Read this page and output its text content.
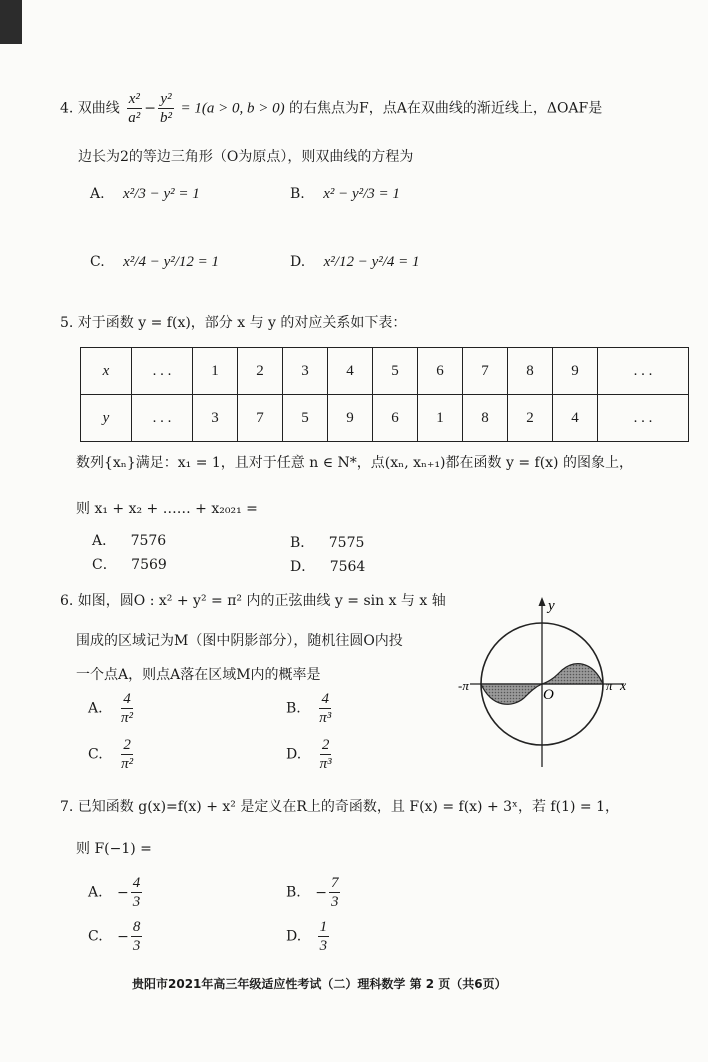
4. 双曲线 $\frac{\text{x²}}{\text{a²}} - \frac{\text{y²}}{\text{b²}} = 1(a > 0$, b > 0) 的右焦点为F，点A在双曲线的渐近线上，ΔOAF是
边长为2的等边三角形（O为原点），则双曲线的方程为
A. x²/3 − y² = 1	B. x² − y²/3 = 1
C. x²/4 − y²/12 = 1	D. x²/12 − y²/4 = 1
5. 对于函数 y = f(x)，部分 x 与 y 的对应关系如下表：
x	. . .	1	2	3	4	5	6	7	8	9	. . .
y	. . .	3	7	5	9	6	1	8	2	4	. . .
数列{xₙ}满足：x₁ = 1，且对于任意 n ∈ N*，点(xₙ, xₙ₊₁)都在函数 y = f(x) 的图象上，
则 x₁ + x₂ + …… + x₂₀₂₁ =
A． 7576	B． 7575
C． 7569	D． 7564
6. 如图，圆O : x² + y² = π² 内的正弦曲线 y = sin x 与 x 轴
围成的区域记为M（图中阴影部分），随机往圆O内投
一个点A，则点A落在区域M内的概率是
A. $\frac{4}{\text{π²}}$	B. $\frac{4}{\text{π³}}$
C. $\frac{2}{\text{π²}}$	D. $\frac{2}{\text{π³}}$
y
x
O
-π	π
7. 已知函数 g(x)=f(x) + x² 是定义在R上的奇函数，且 F(x) = f(x) + 3ˣ，若 f(1) = 1，
则 F(−1) =
A. − $\frac{4}{3}$	B. − $\frac{7}{3}$
C. − $\frac{8}{3}$	D. $\frac{1}{3}$
贵阳市2021年高三年级适应性考试（二）理科数学 第 2 页（共6页）
